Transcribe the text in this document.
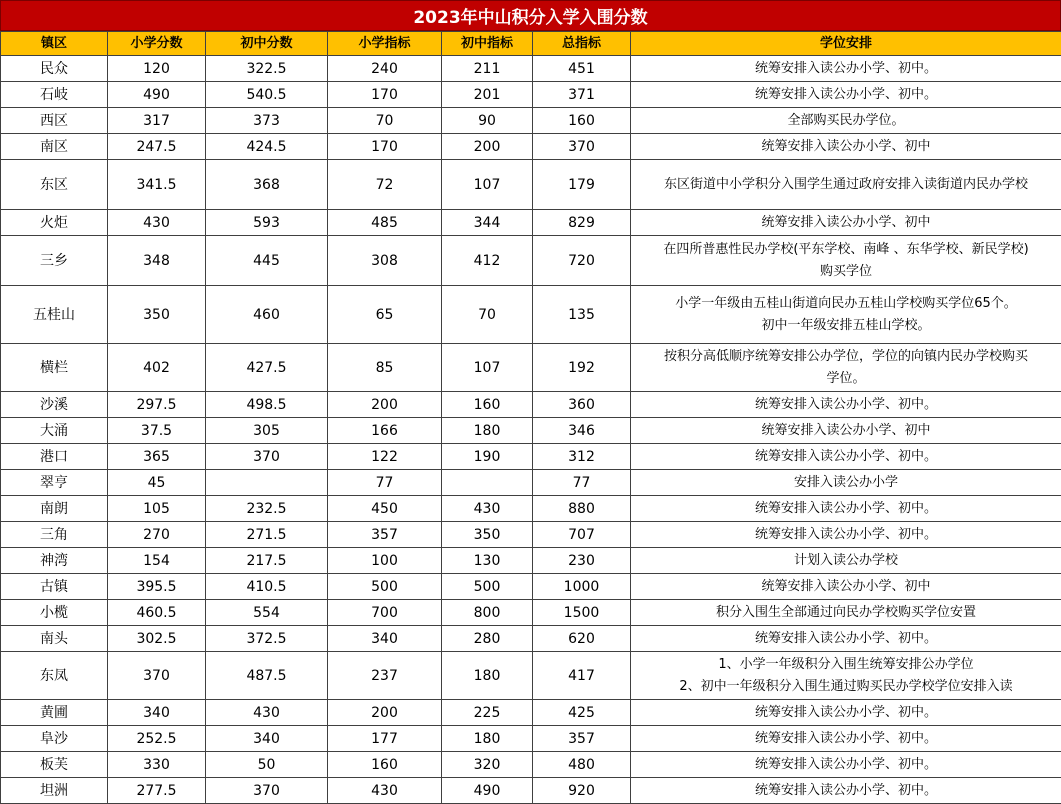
2023年中山积分入学入围分数
镇区	小学分数	初中分数	小学指标	初中指标	总指标	学位安排
民众	120	322.5	240	211	451	统筹安排入读公办小学、初中。

石岐	490	540.5	170	201	371	统筹安排入读公办小学、初中。

西区	317	373	70	90	160	全部购买民办学位。

南区	247.5	424.5	170	200	370	统筹安排入读公办小学、初中

东区	341.5	368	72	107	179	东区街道中小学积分入围学生通过政府安排入读街道内民办学校

火炬	430	593	485	344	829	统筹安排入读公办小学、初中

三乡	348	445	308	412	720	在四所普惠性民办学校(平东学校、南峰 、东华学校、新民学校)
购买学位

五桂山	350	460	65	70	135	小学一年级由五桂山街道向民办五桂山学校购买学位65个。
初中一年级安排五桂山学校。

横栏	402	427.5	85	107	192	按积分高低顺序统筹安排公办学位，学位的向镇内民办学校购买
学位。

沙溪	297.5	498.5	200	160	360	统筹安排入读公办小学、初中。

大涌	37.5	305	166	180	346	统筹安排入读公办小学、初中

港口	365	370	122	190	312	统筹安排入读公办小学、初中。

翠亨	45		77		77	安排入读公办小学

南朗	105	232.5	450	430	880	统筹安排入读公办小学、初中。

三角	270	271.5	357	350	707	统筹安排入读公办小学、初中。

神湾	154	217.5	100	130	230	计划入读公办学校

古镇	395.5	410.5	500	500	1000	统筹安排入读公办小学、初中

小榄	460.5	554	700	800	1500	积分入围生全部通过向民办学校购买学位安置

南头	302.5	372.5	340	280	620	统筹安排入读公办小学、初中。

东凤	370	487.5	237	180	417	1、小学一年级积分入围生统筹安排公办学位
2、初中一年级积分入围生通过购买民办学校学位安排入读

黄圃	340	430	200	225	425	统筹安排入读公办小学、初中。

阜沙	252.5	340	177	180	357	统筹安排入读公办小学、初中。

板芙	330	50	160	320	480	统筹安排入读公办小学、初中。

坦洲	277.5	370	430	490	920	统筹安排入读公办小学、初中。
